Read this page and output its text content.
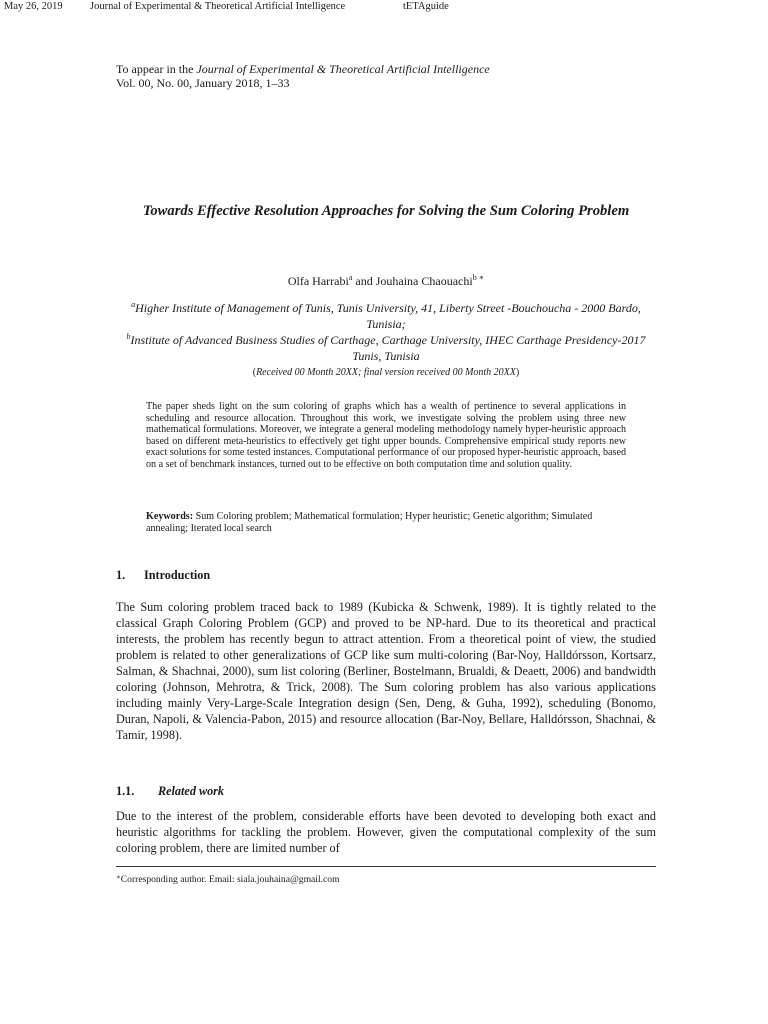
May 26, 2019	Journal of Experimental & Theoretical Artificial Intelligence	tETAguide
To appear in the Journal of Experimental & Theoretical Artificial Intelligence
Vol. 00, No. 00, January 2018, 1–33
Towards Effective Resolution Approaches for Solving the Sum Coloring Problem
Olfa Harrabi$^a$ and Jouhaina Chaouachi$^{b ∗}$
$^a$Higher Institute of Management of Tunis, Tunis University, 41, Liberty Street -Bouchoucha - 2000 Bardo, Tunisia;
$^b$Institute of Advanced Business Studies of Carthage, Carthage University, IHEC Carthage Presidency-2017 Tunis, Tunisia
(Received 00 Month 20XX; final version received 00 Month 20XX)
The paper sheds light on the sum coloring of graphs which has a wealth of pertinence to several applications in scheduling and resource allocation. Throughout this work, we investigate solving the problem using three new mathematical formulations. Moreover, we integrate a general modeling methodology namely hyper-heuristic approach based on different meta-heuristics to effectively get tight upper bounds. Comprehensive empirical study reports new exact solutions for some tested instances. Computational performance of our proposed hyper-heuristic approach, based on a set of benchmark instances, turned out to be effective on both computation time and solution quality.
Keywords: Sum Coloring problem; Mathematical formulation; Hyper heuristic; Genetic algorithm; Simulated annealing; Iterated local search
1. Introduction
The Sum coloring problem traced back to 1989 (Kubicka & Schwenk, 1989). It is tightly related to the classical Graph Coloring Problem (GCP) and proved to be NP-hard. Due to its theoretical and practical interests, the problem has recently begun to attract attention. From a theoretical point of view, the studied problem is related to other generalizations of GCP like sum multi-coloring (Bar-Noy, Halldórsson, Kortsarz, Salman, & Shachnai, 2000), sum list coloring (Berliner, Bostelmann, Brualdi, & Deaett, 2006) and bandwidth coloring (Johnson, Mehrotra, & Trick, 2008). The Sum coloring problem has also various applications including mainly Very-Large-Scale Integration design (Sen, Deng, & Guha, 1992), scheduling (Bonomo, Duran, Napoli, & Valencia-Pabon, 2015) and resource allocation (Bar-Noy, Bellare, Halldórsson, Shachnai, & Tamir, 1998).
1.1. Related work
Due to the interest of the problem, considerable efforts have been devoted to developing both exact and heuristic algorithms for tackling the problem. However, given the computational complexity of the sum coloring problem, there are limited number of
∗Corresponding author. Email: siala.jouhaina@gmail.com
